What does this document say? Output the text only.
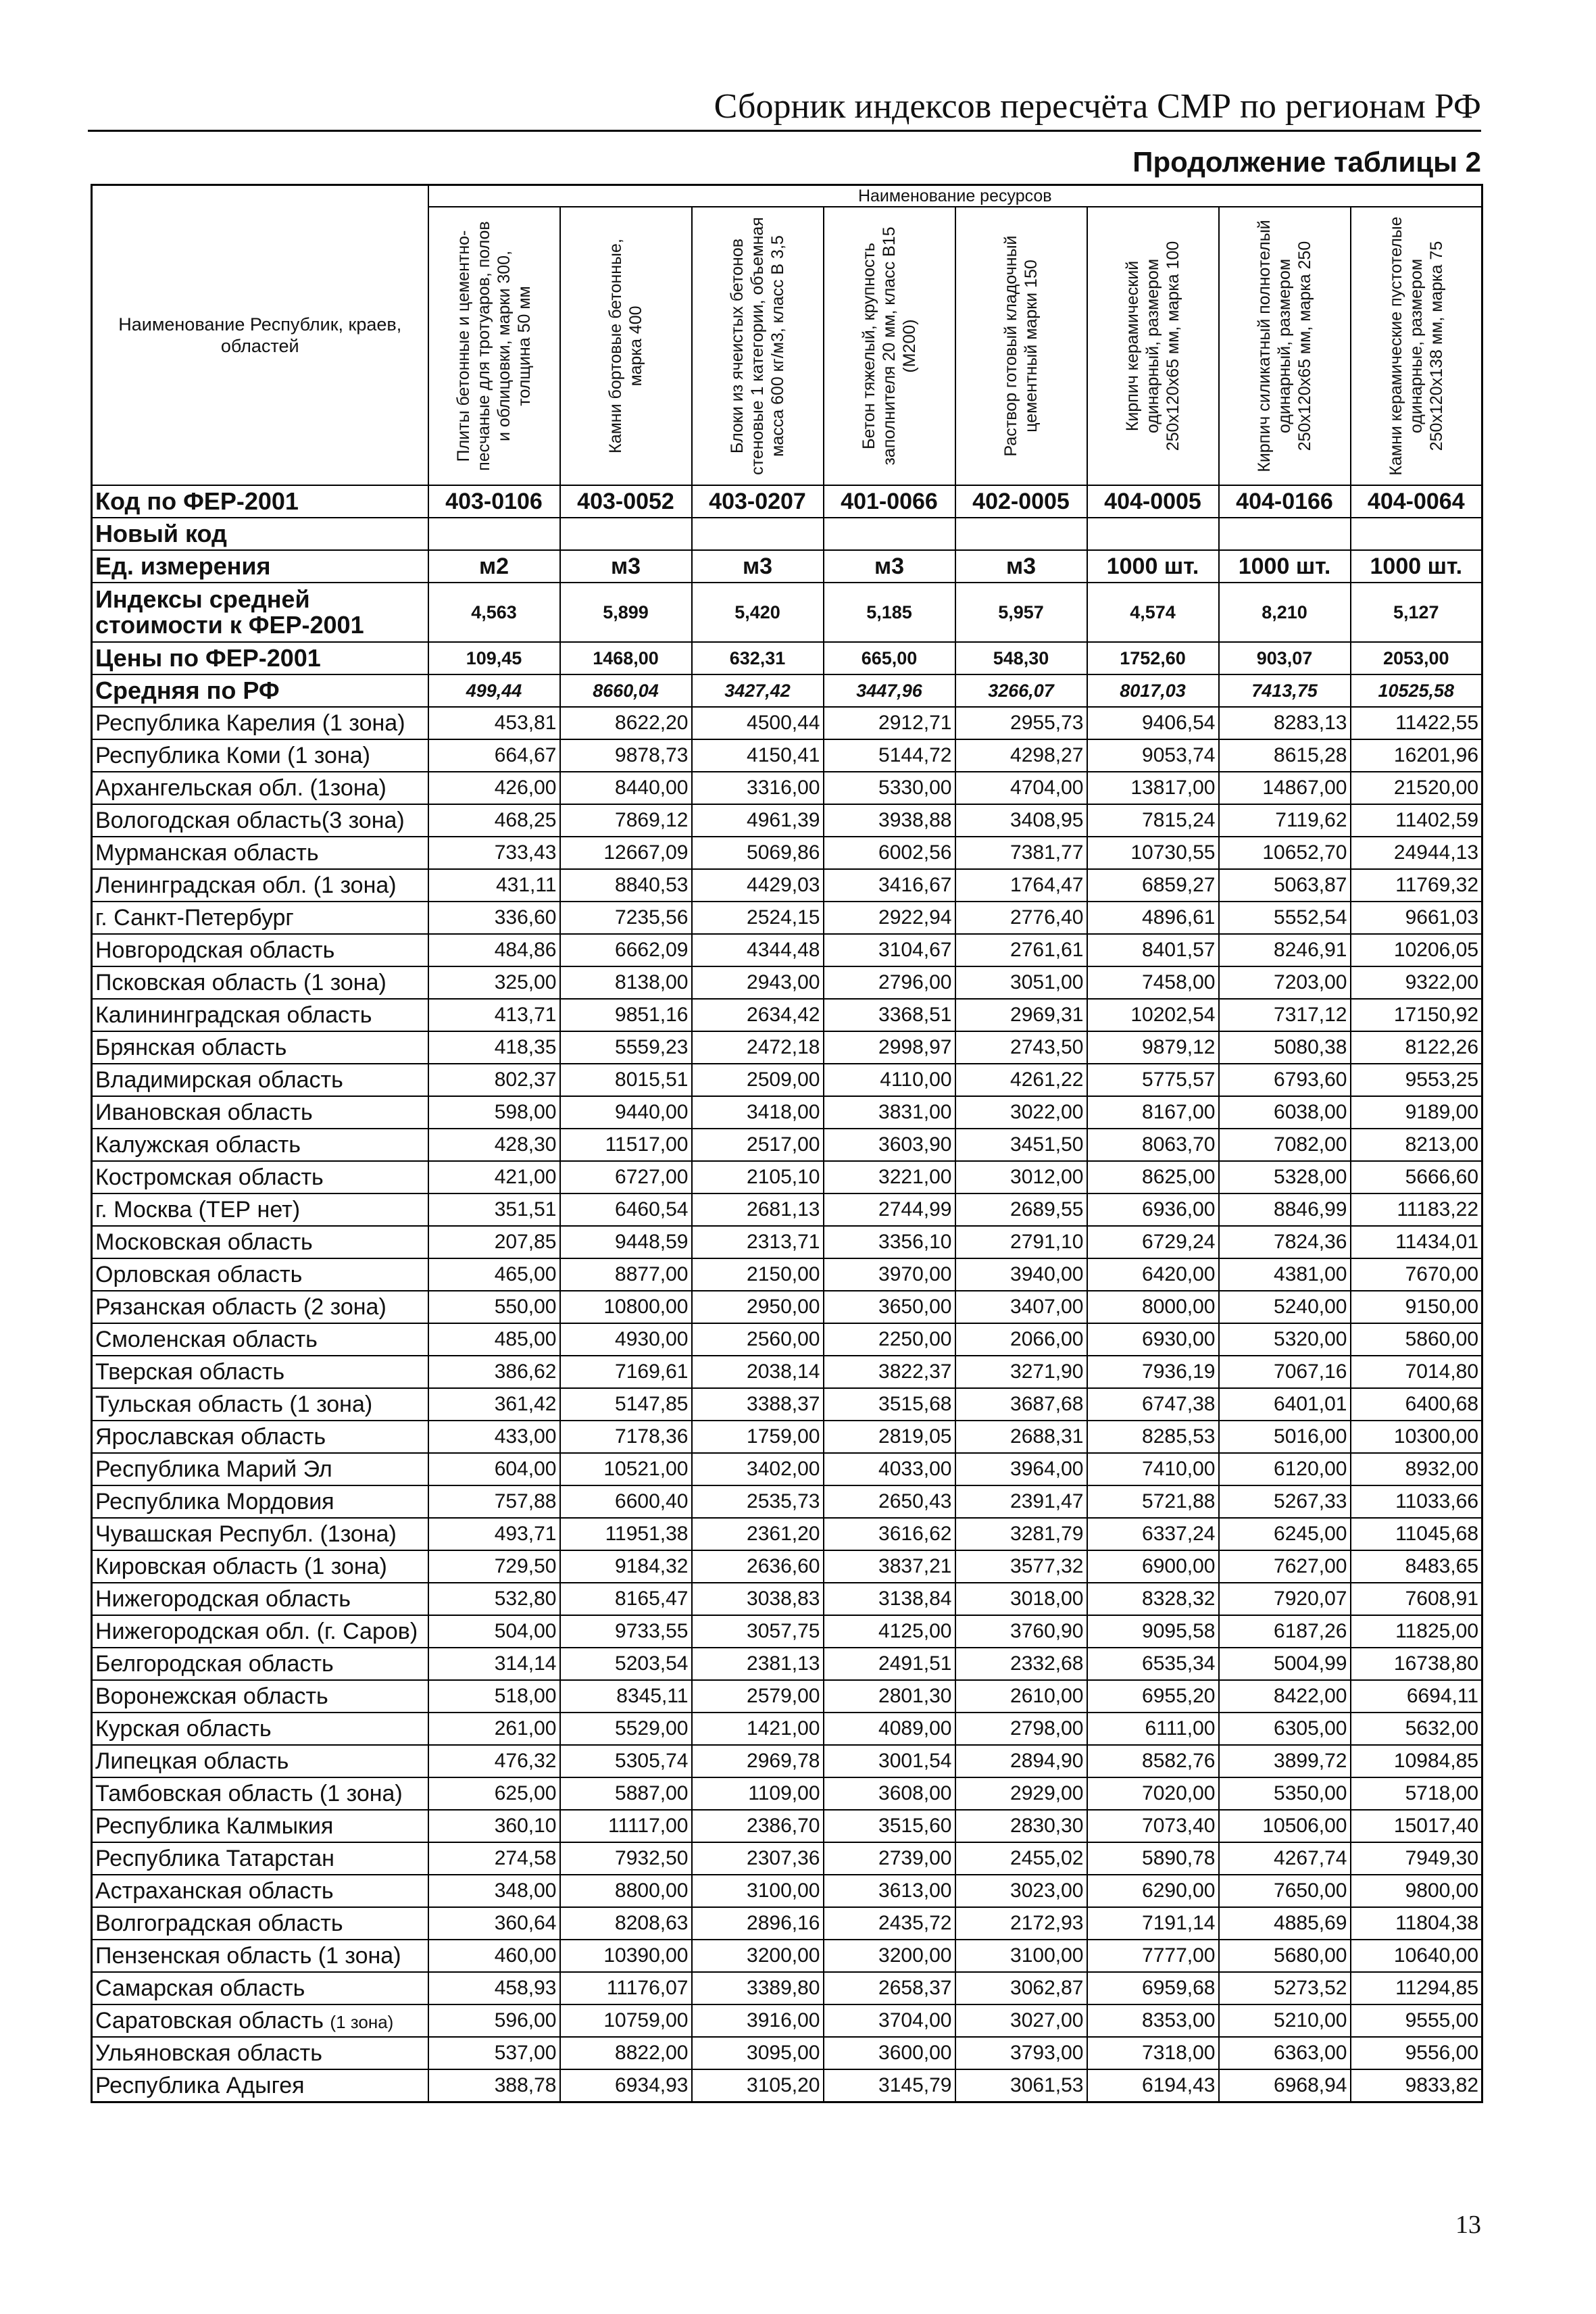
Сборник индексов пересчёта СМР по регионам РФ
Продолжение таблицы 2
Наименование Республик, краев, областей	Наименование ресурсов							

	Плиты бетонные и цементно-песчаные для тротуаров, полов и облицовки, марки 300, толщина 50 мм	Камни бортовые бетонные, марка 400	Блоки из ячеистых бетонов стеновые 1 категории, объемная масса 600 кг/м3, класс В 3,5	Бетон тяжелый, крупность заполнителя 20 мм, класс В15 (М200)	Раствор готовый кладочный цементный марки 150	Кирпич керамический одинарный, размером 250х120х65 мм, марка 100	Кирпич силикатный полнотелый одинарный, размером 250х120х65 мм, марка 250	Камни керамические пустотелые одинарные, размером 250х120х138 мм, марка 75

Код по ФЕР-2001	403-0106	403-0052	403-0207	401-0066	402-0005	404-0005	404-0166	404-0064
Новый код								
Ед. измерения	м2	м3	м3	м3	м3	1000 шт.	1000 шт.	1000 шт.
Индексы средней стоимости к ФЕР-2001	4,563	5,899	5,420	5,185	5,957	4,574	8,210	5,127
Цены по ФЕР-2001	109,45	1468,00	632,31	665,00	548,30	1752,60	903,07	2053,00
Средняя по РФ	499,44	8660,04	3427,42	3447,96	3266,07	8017,03	7413,75	10525,58
Республика Карелия (1 зона)	453,81	8622,20	4500,44	2912,71	2955,73	9406,54	8283,13	11422,55
Республика Коми (1 зона)	664,67	9878,73	4150,41	5144,72	4298,27	9053,74	8615,28	16201,96
Архангельская обл. (1зона)	426,00	8440,00	3316,00	5330,00	4704,00	13817,00	14867,00	21520,00
Вологодская область(3 зона)	468,25	7869,12	4961,39	3938,88	3408,95	7815,24	7119,62	11402,59
Мурманская область	733,43	12667,09	5069,86	6002,56	7381,77	10730,55	10652,70	24944,13
Ленинградская обл. (1 зона)	431,11	8840,53	4429,03	3416,67	1764,47	6859,27	5063,87	11769,32
г. Санкт-Петербург	336,60	7235,56	2524,15	2922,94	2776,40	4896,61	5552,54	9661,03
Новгородская область	484,86	6662,09	4344,48	3104,67	2761,61	8401,57	8246,91	10206,05
Псковская область (1 зона)	325,00	8138,00	2943,00	2796,00	3051,00	7458,00	7203,00	9322,00
Калининградская область	413,71	9851,16	2634,42	3368,51	2969,31	10202,54	7317,12	17150,92
Брянская область	418,35	5559,23	2472,18	2998,97	2743,50	9879,12	5080,38	8122,26
Владимирская область	802,37	8015,51	2509,00	4110,00	4261,22	5775,57	6793,60	9553,25
Ивановская область	598,00	9440,00	3418,00	3831,00	3022,00	8167,00	6038,00	9189,00
Калужская область	428,30	11517,00	2517,00	3603,90	3451,50	8063,70	7082,00	8213,00
Костромская область	421,00	6727,00	2105,10	3221,00	3012,00	8625,00	5328,00	5666,60
г. Москва (ТЕР нет)	351,51	6460,54	2681,13	2744,99	2689,55	6936,00	8846,99	11183,22
Московская область	207,85	9448,59	2313,71	3356,10	2791,10	6729,24	7824,36	11434,01
Орловская область	465,00	8877,00	2150,00	3970,00	3940,00	6420,00	4381,00	7670,00
Рязанская область (2 зона)	550,00	10800,00	2950,00	3650,00	3407,00	8000,00	5240,00	9150,00
Смоленская область	485,00	4930,00	2560,00	2250,00	2066,00	6930,00	5320,00	5860,00
Тверская область	386,62	7169,61	2038,14	3822,37	3271,90	7936,19	7067,16	7014,80
Тульская область (1 зона)	361,42	5147,85	3388,37	3515,68	3687,68	6747,38	6401,01	6400,68
Ярославская область	433,00	7178,36	1759,00	2819,05	2688,31	8285,53	5016,00	10300,00
Республика Марий Эл	604,00	10521,00	3402,00	4033,00	3964,00	7410,00	6120,00	8932,00
Республика Мордовия	757,88	6600,40	2535,73	2650,43	2391,47	5721,88	5267,33	11033,66
Чувашская Республ. (1зона)	493,71	11951,38	2361,20	3616,62	3281,79	6337,24	6245,00	11045,68
Кировская область (1 зона)	729,50	9184,32	2636,60	3837,21	3577,32	6900,00	7627,00	8483,65
Нижегородская область	532,80	8165,47	3038,83	3138,84	3018,00	8328,32	7920,07	7608,91
Нижегородская обл. (г. Саров)	504,00	9733,55	3057,75	4125,00	3760,90	9095,58	6187,26	11825,00
Белгородская область	314,14	5203,54	2381,13	2491,51	2332,68	6535,34	5004,99	16738,80
Воронежская область	518,00	8345,11	2579,00	2801,30	2610,00	6955,20	8422,00	6694,11
Курская область	261,00	5529,00	1421,00	4089,00	2798,00	6111,00	6305,00	5632,00
Липецкая область	476,32	5305,74	2969,78	3001,54	2894,90	8582,76	3899,72	10984,85
Тамбовская область (1 зона)	625,00	5887,00	1109,00	3608,00	2929,00	7020,00	5350,00	5718,00
Республика Калмыкия	360,10	11117,00	2386,70	3515,60	2830,30	7073,40	10506,00	15017,40
Республика Татарстан	274,58	7932,50	2307,36	2739,00	2455,02	5890,78	4267,74	7949,30
Астраханская область	348,00	8800,00	3100,00	3613,00	3023,00	6290,00	7650,00	9800,00
Волгоградская область	360,64	8208,63	2896,16	2435,72	2172,93	7191,14	4885,69	11804,38
Пензенская область (1 зона)	460,00	10390,00	3200,00	3200,00	3100,00	7777,00	5680,00	10640,00
Самарская область	458,93	11176,07	3389,80	2658,37	3062,87	6959,68	5273,52	11294,85
Саратовская область (1 зона)	596,00	10759,00	3916,00	3704,00	3027,00	8353,00	5210,00	9555,00
Ульяновская область	537,00	8822,00	3095,00	3600,00	3793,00	7318,00	6363,00	9556,00
Республика Адыгея	388,78	6934,93	3105,20	3145,79	3061,53	6194,43	6968,94	9833,82
13
